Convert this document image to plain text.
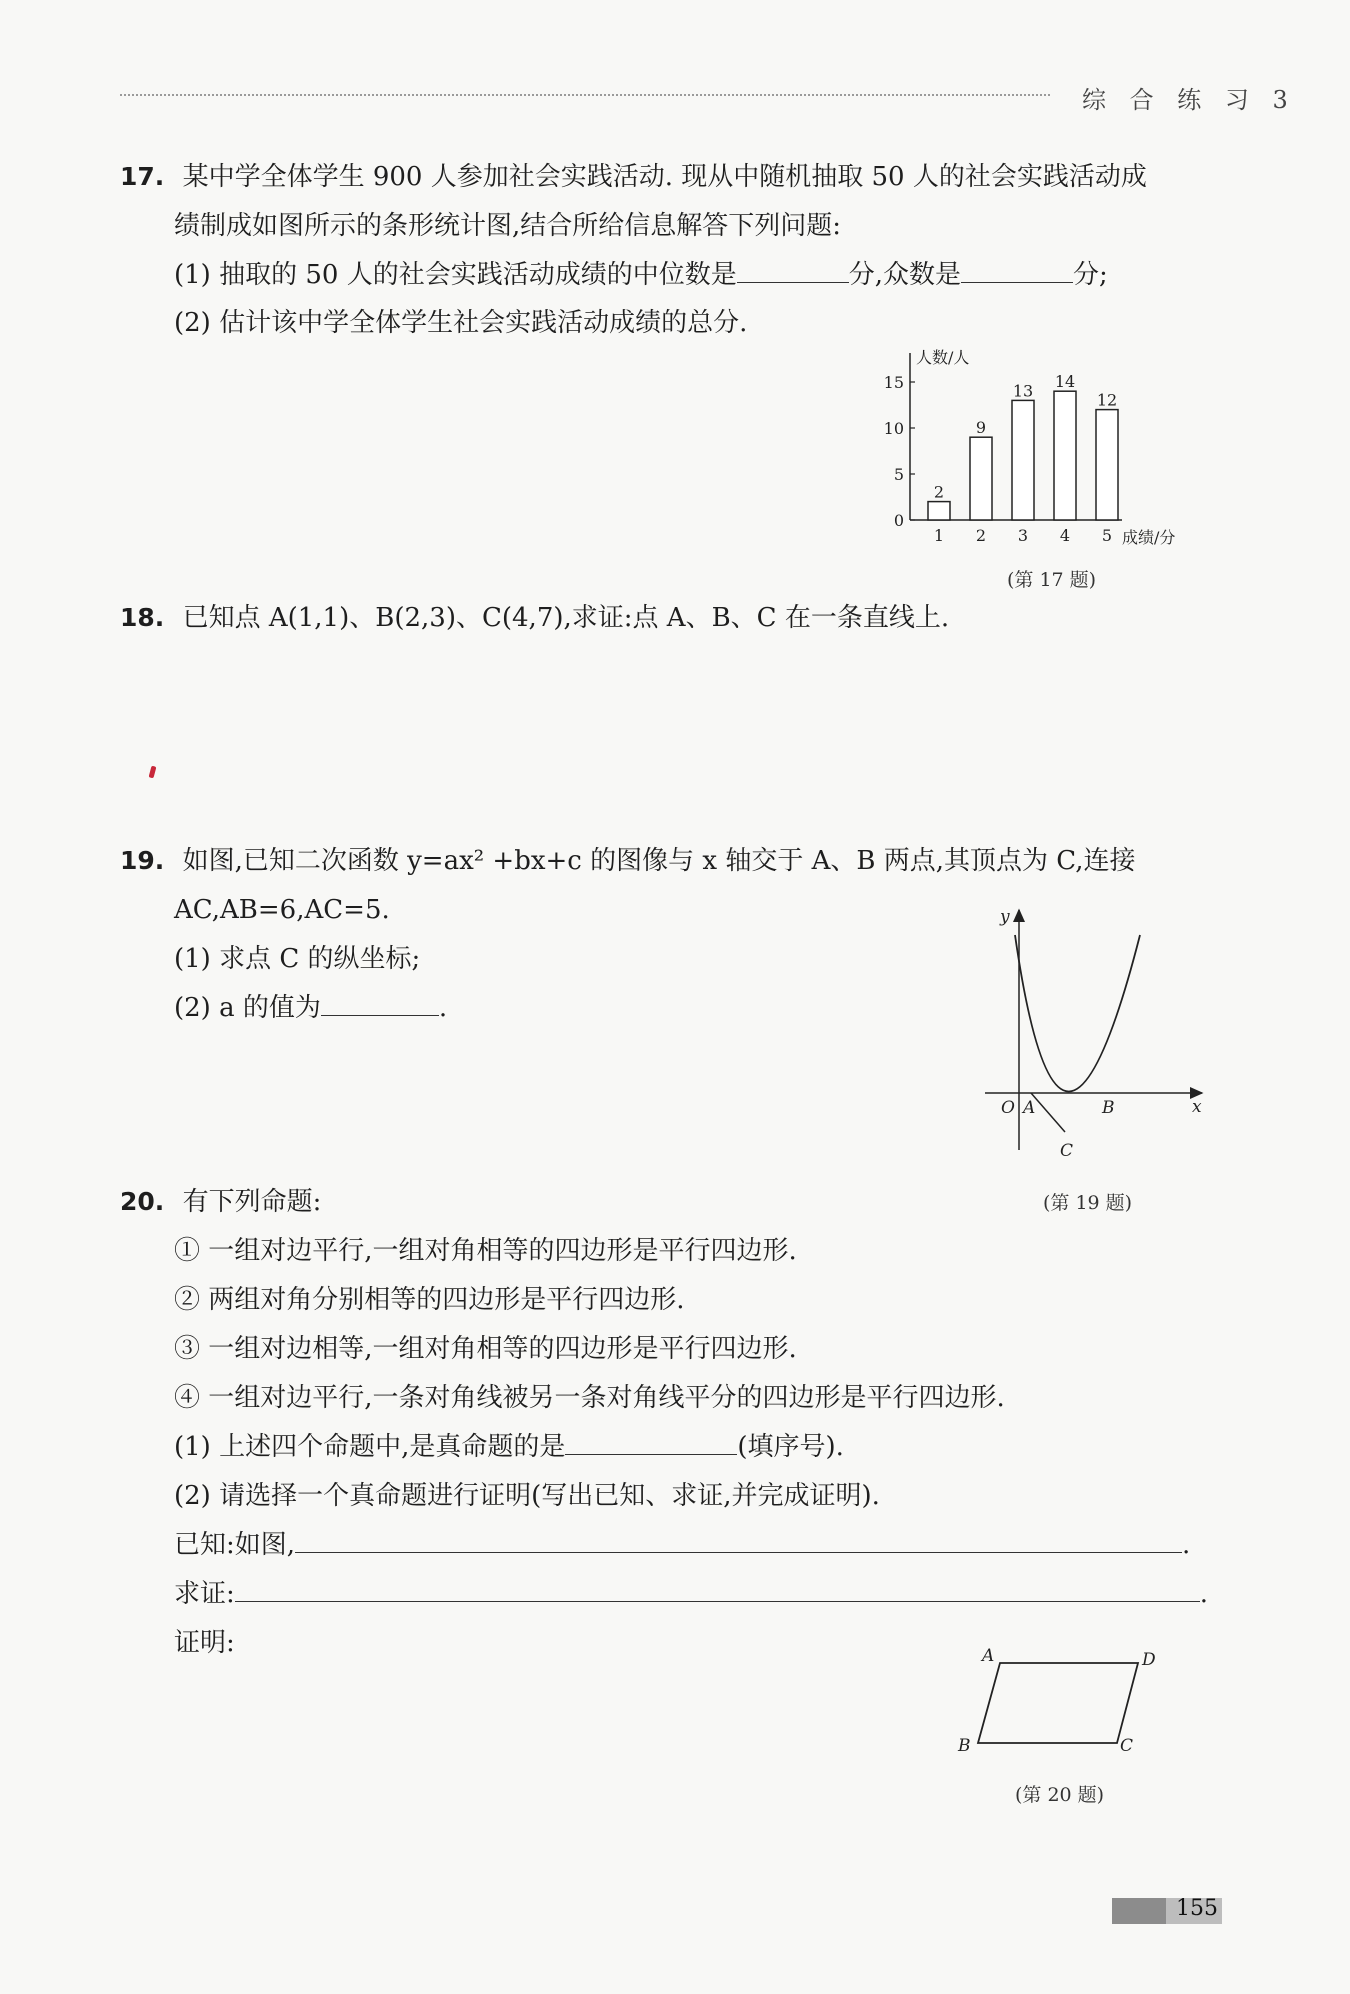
综 合 练 习 3
17. 某中学全体学生 900 人参加社会实践活动. 现从中随机抽取 50 人的社会实践活动成
绩制成如图所示的条形统计图,结合所给信息解答下列问题:
(1) 抽取的 50 人的社会实践活动成绩的中位数是	分,众数是	分;
(2) 估计该中学全体学生社会实践活动成绩的总分.
人数/人
成绩/分
0
5
10
15
2
1
9
2
13
3
14
4
12
5
(第 17 题)
18. 已知点 A(1,1)、B(2,3)、C(4,7),求证:点 A、B、C 在一条直线上.
19. 如图,已知二次函数 y=ax² +bx+c 的图像与 x 轴交于 A、B 两点,其顶点为 C,连接
AC,AB=6,AC=5.
(1) 求点 C 的纵坐标;
(2) a 的值为	.
y
x
O A	B
C
(第 19 题)
20. 有下列命题:
① 一组对边平行,一组对角相等的四边形是平行四边形.
② 两组对角分别相等的四边形是平行四边形.
③ 一组对边相等,一组对角相等的四边形是平行四边形.
④ 一组对边平行,一条对角线被另一条对角线平分的四边形是平行四边形.
(1) 上述四个命题中,是真命题的是	(填序号).
(2) 请选择一个真命题进行证明(写出已知、求证,并完成证明).
已知:如图,	.
求证:	.
证明:	A	D
B	C
(第 20 题)
155
